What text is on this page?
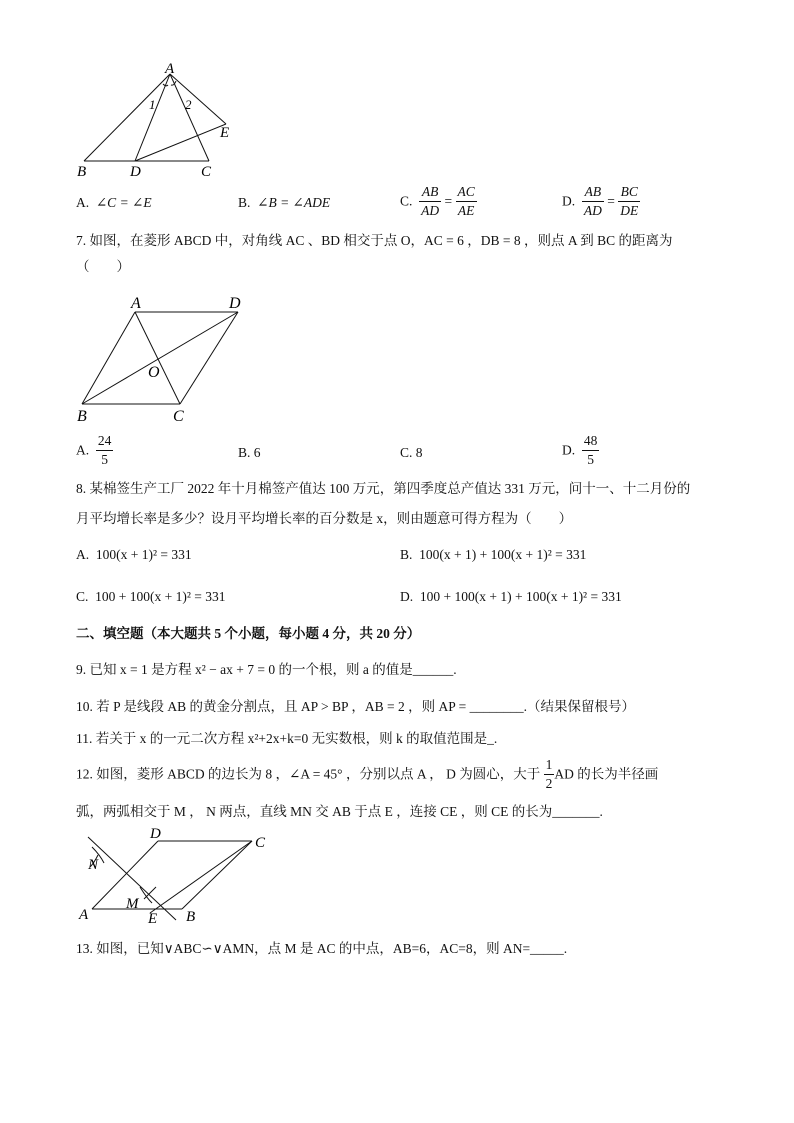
A
1 2
E
B	D	C
A. ∠C = ∠E	B. ∠B = ∠ADE	C. $\frac{AB}{AD} = \frac{AC}{AE}$	D. $\frac{AB}{AD} = \frac{BC}{DE}$
7. 如图，在菱形 ABCD 中，对角线 AC 、BD 相交于点 O，AC = 6 ，DB = 8 ，则点 A 到 BC 的距离为
（　　）
A	D
O
B	C
A. $\frac{24}{5}$	B. 6	C. 8	D. $\frac{48}{5}$
8. 某棉签生产工厂 2022 年十月棉签产值达 100 万元，第四季度总产值达 331 万元，问十一、十二月份的
月平均增长率是多少？设月平均增长率的百分数是 x，则由题意可得方程为（　　）
A. 100(x + 1)² = 331	B. 100(x + 1) + 100(x + 1)² = 331
C. 100 + 100(x + 1)² = 331	D. 100 + 100(x + 1) + 100(x + 1)² = 331
二、填空题（本大题共 5 个小题，每小题 4 分，共 20 分）
9. 已知 x = 1 是方程 x² − ax + 7 = 0 的一个根，则 a 的值是______.
10. 若 P 是线段 AB 的黄金分割点，且 AP > BP ，AB = 2 ，则 AP = ________.（结果保留根号）
11. 若关于 x 的一元二次方程 x²+2x+k=0 无实数根，则 k 的取值范围是_.
12. 如图，菱形 ABCD 的边长为 8 ，∠A = 45° ，分别以点 A ， D 为圆心，大于 $\frac{1}{2}$ AD 的长为半径画
弧，两弧相交于 M ， N 两点，直线 MN 交 AB 于点 E ，连接 CE ，则 CE 的长为_______.
D
C
N
M
A	E B
13. 如图，已知∨ABC∽∨AMN，点 M 是 AC 的中点，AB=6，AC=8，则 AN=_____.
